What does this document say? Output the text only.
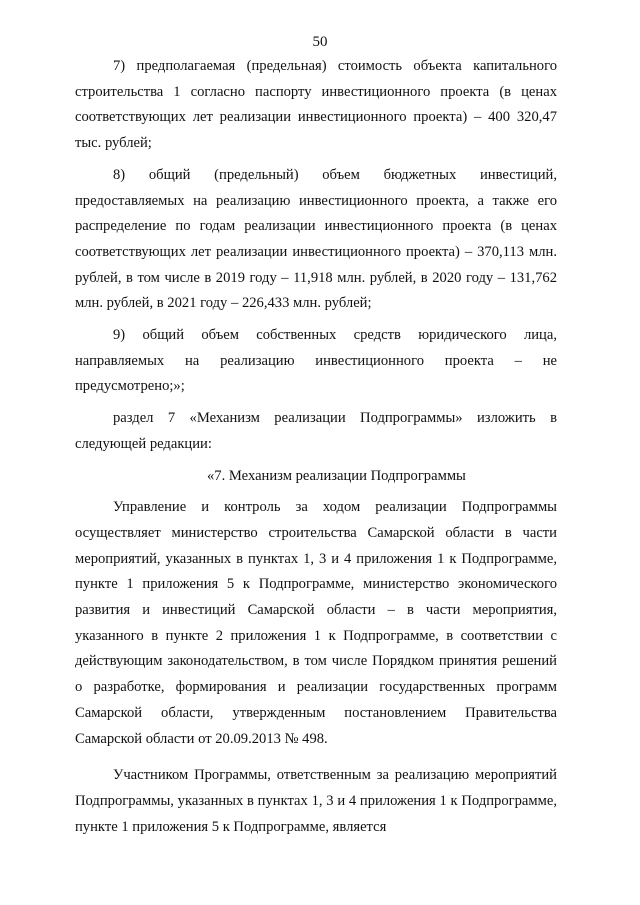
50

7) предполагаемая (предельная) стоимость объекта капитального строительства 1 согласно паспорту инвестиционного проекта (в ценах соответствующих лет реализации инвестиционного проекта) – 400 320,47 тыс. рублей;

8) общий (предельный) объем бюджетных инвестиций, предоставляемых на реализацию инвестиционного проекта, а также его распределение по годам реализации инвестиционного проекта (в ценах соответствующих лет реализации инвестиционного проекта) – 370,113 млн. рублей, в том числе в 2019 году – 11,918 млн. рублей, в 2020 году – 131,762 млн. рублей, в 2021 году – 226,433 млн. рублей;

9) общий объем собственных средств юридического лица, направляемых на реализацию инвестиционного проекта – не предусмотрено;»;

раздел 7 «Механизм реализации Подпрограммы» изложить в следующей редакции:

«7. Механизм реализации Подпрограммы

Управление и контроль за ходом реализации Подпрограммы осуществляет министерство строительства Самарской области в части мероприятий, указанных в пунктах 1, 3 и 4 приложения 1 к Подпрограмме, пункте 1 приложения 5 к Подпрограмме, министерство экономического развития и инвестиций Самарской области – в части мероприятия, указанного в пункте 2 приложения 1 к Подпрограмме, в соответствии с действующим законодательством, в том числе Порядком принятия решений о разработке, формирования и реализации государственных программ Самарской области, утвержденным постановлением Правительства Самарской области от 20.09.2013 № 498.

Участником Программы, ответственным за реализацию мероприятий Подпрограммы, указанных в пунктах 1, 3 и 4 приложения 1 к Подпрограмме, пункте 1 приложения 5 к Подпрограмме, является
